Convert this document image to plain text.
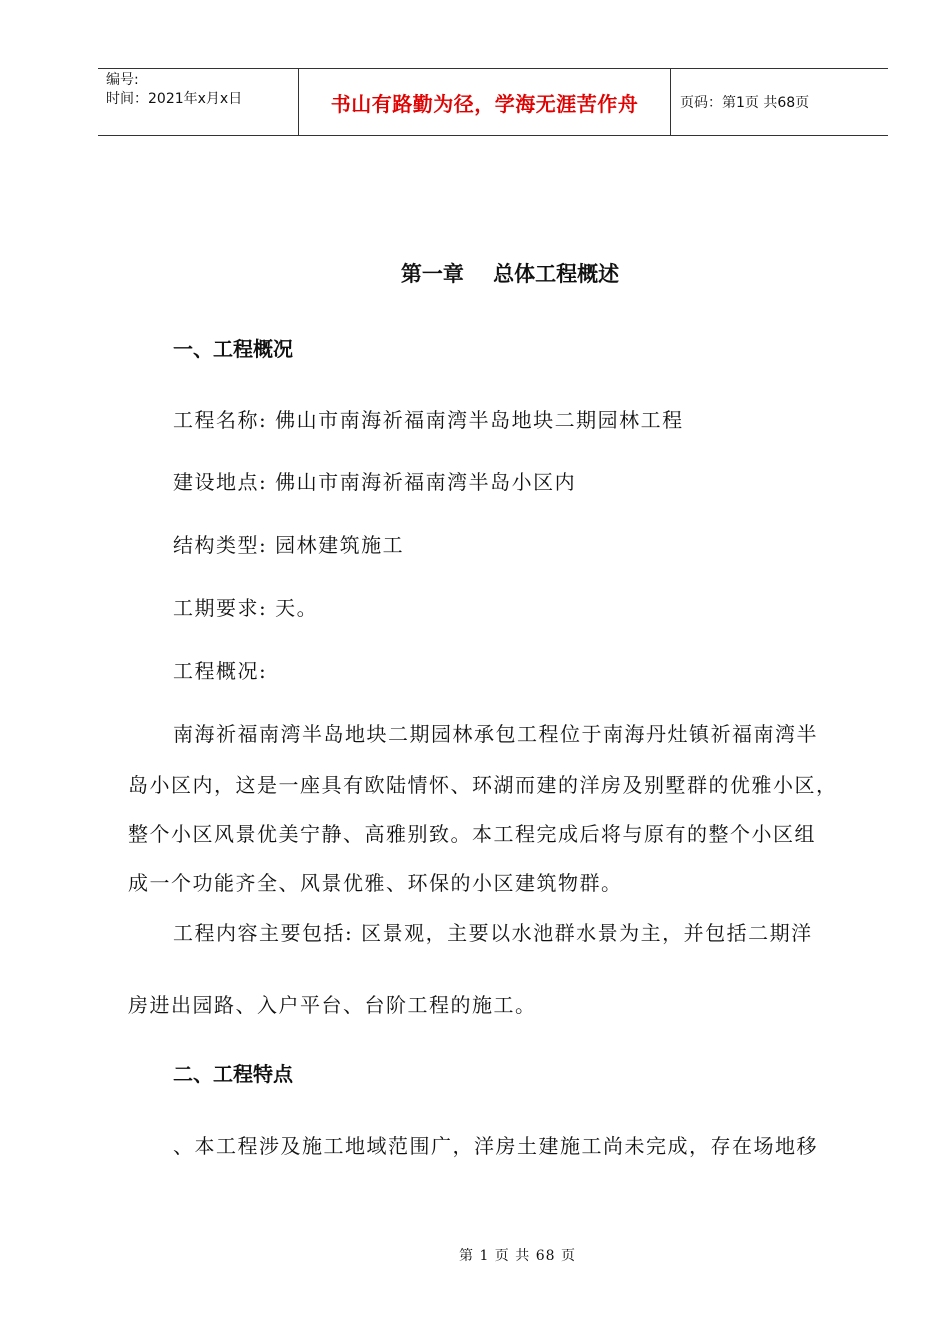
编号:
时间：2021年x月x日	书山有路勤为径，学海无涯苦作舟	页码：第1页 共68页
第一章    总体工程概述
一、工程概况
工程名称: 佛山市南海祈福南湾半岛地块二期园林工程
建设地点: 佛山市南海祈福南湾半岛小区内
结构类型: 园林建筑施工
工期要求: 天。
工程概况:
南海祈福南湾半岛地块二期园林承包工程位于南海丹灶镇祈福南湾半
岛小区内，这是一座具有欧陆情怀、环湖而建的洋房及别墅群的优雅小区，
整个小区风景优美宁静、高雅别致。本工程完成后将与原有的整个小区组
成一个功能齐全、风景优雅、环保的小区建筑物群。
工程内容主要包括: 区景观，主要以水池群水景为主，并包括二期洋
房进出园路、入户平台、台阶工程的施工。
二、工程特点
、本工程涉及施工地域范围广，洋房土建施工尚未完成，存在场地移
第 1 页 共 68 页
